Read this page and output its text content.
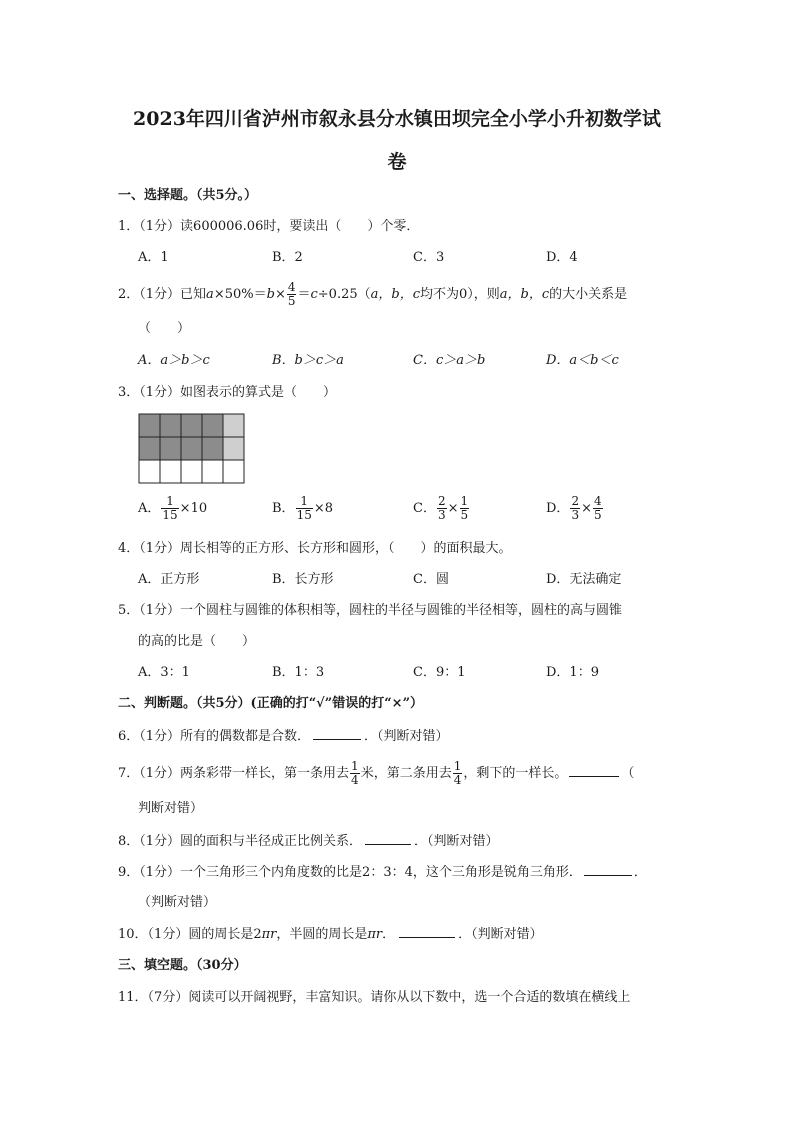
2023年四川省泸州市叙永县分水镇田坝完全小学小升初数学试
卷
一、选择题。（共5分。）
1．（1分）读600006.06时，要读出（　　）个零．
A．1	B．2	C．3	D．4
2．（1分）已知$a\times 50\%=b\times \frac{4}{5} =c\div 0.25(a$，b，c均不为0），则a，b，c的大小关系是
（　　）
A．a＞b＞c	B．b＞c＞a	C．c＞a＞b	D．a＜b＜c
3．（1分）如图表示的算式是（　　）
A． $\frac{1}{15} \times 10$	B． $\frac{1}{15} \times 8$	C． $\frac{2}{3} \times \frac{1}{5}$	D． $\frac{2}{3} \times \frac{4}{5}$
4．（1分）周长相等的正方形、长方形和圆形，（　　）的面积最大。
A．正方形	B．长方形	C．圆	D．无法确定
5．（1分）一个圆柱与圆锥的体积相等，圆柱的半径与圆锥的半径相等，圆柱的高与圆锥
的高的比是（　　）
A．3：1	B．1：3	C．9：1	D．1：9
二、判断题。（共5分）(正确的打“√”错误的打“×”）
6．（1分）所有的偶数都是合数．	．（判断对错）
7．（1分）两条彩带一样长，第一条用去 $\frac{1}{4}$ 米，第二条用去 $\frac{1}{4}$ ，剩下的一样长。	（
判断对错）
8．（1分）圆的面积与半径成正比例关系．	．（判断对错）
9．（1分）一个三角形三个内角度数的比是2：3：4，这个三角形是锐角三角形．	．
（判断对错）
10．（1分）圆的周长是2πr，半圆的周长是πr．	．（判断对错）
三、填空题。（30分）
11．（7分）阅读可以开阔视野，丰富知识。请你从以下数中，选一个合适的数填在横线上
